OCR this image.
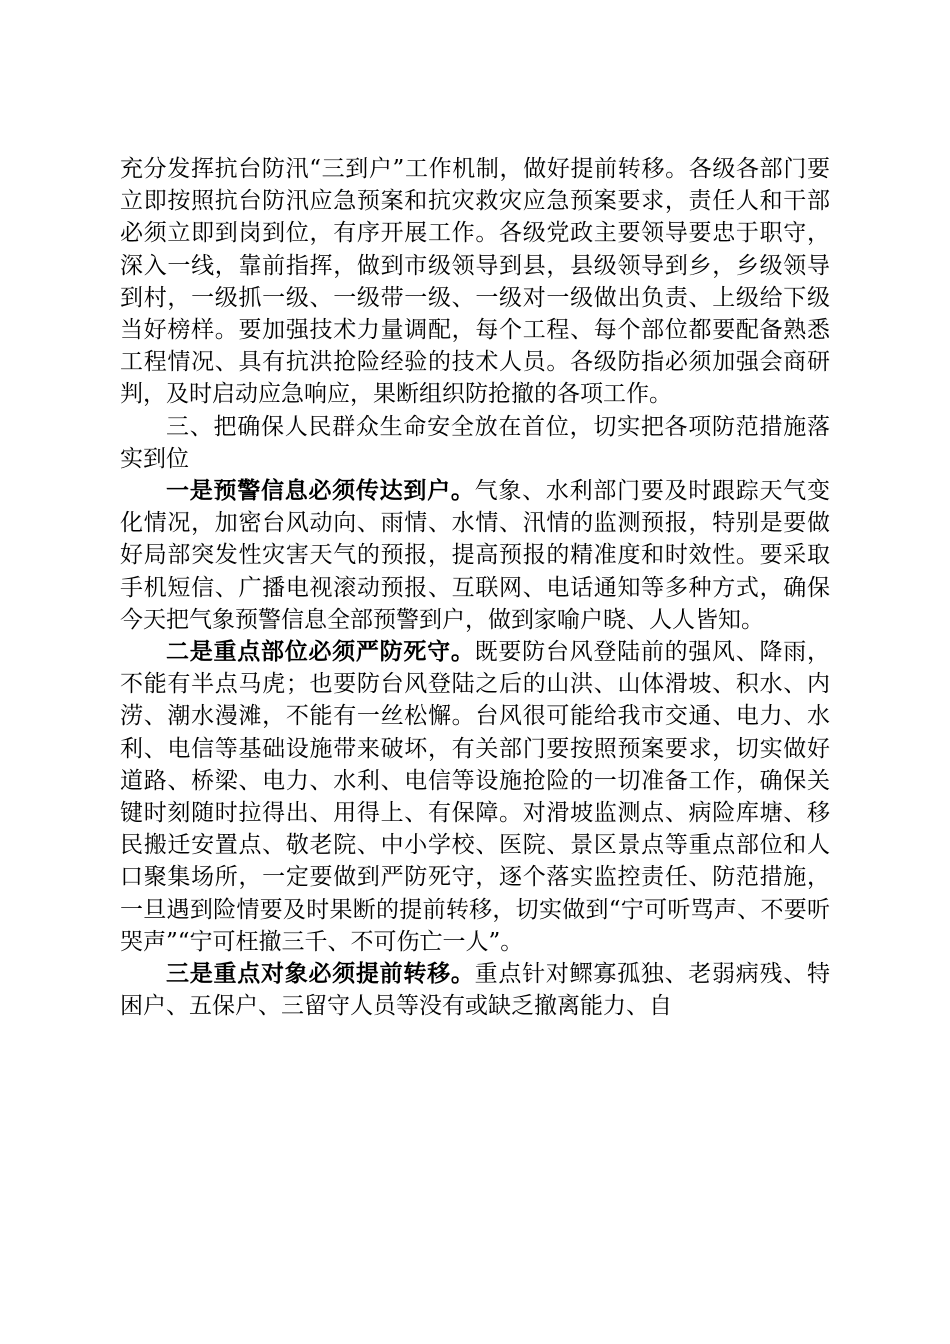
充分发挥抗台防汛“三到户”工作机制，做好提前转移。各级各部门要立即按照抗台防汛应急预案和抗灾救灾应急预案要求，责任人和干部必须立即到岗到位，有序开展工作。各级党政主要领导要忠于职守，深入一线，靠前指挥，做到市级领导到县，县级领导到乡，乡级领导到村，一级抓一级、一级带一级、一级对一级做出负责、上级给下级当好榜样。要加强技术力量调配，每个工程、每个部位都要配备熟悉工程情况、具有抗洪抢险经验的技术人员。各级防指必须加强会商研判，及时启动应急响应，果断组织防抢撤的各项工作。

三、把确保人民群众生命安全放在首位，切实把各项防范措施落实到位

一是预警信息必须传达到户。气象、水利部门要及时跟踪天气变化情况，加密台风动向、雨情、水情、汛情的监测预报，特别是要做好局部突发性灾害天气的预报，提高预报的精准度和时效性。要采取手机短信、广播电视滚动预报、互联网、电话通知等多种方式，确保今天把气象预警信息全部预警到户，做到家喻户晓、人人皆知。

二是重点部位必须严防死守。既要防台风登陆前的强风、降雨，不能有半点马虎；也要防台风登陆之后的山洪、山体滑坡、积水、内涝、潮水漫滩，不能有一丝松懈。台风很可能给我市交通、电力、水利、电信等基础设施带来破坏，有关部门要按照预案要求，切实做好道路、桥梁、电力、水利、电信等设施抢险的一切准备工作，确保关键时刻随时拉得出、用得上、有保障。对滑坡监测点、病险库塘、移民搬迁安置点、敬老院、中小学校、医院、景区景点等重点部位和人口聚集场所，一定要做到严防死守，逐个落实监控责任、防范措施，一旦遇到险情要及时果断的提前转移，切实做到“宁可听骂声、不要听哭声”“宁可枉撤三千、不可伤亡一人”。

三是重点对象必须提前转移。重点针对鳏寡孤独、老弱病残、特困户、五保户、三留守人员等没有或缺乏撤离能力、自
